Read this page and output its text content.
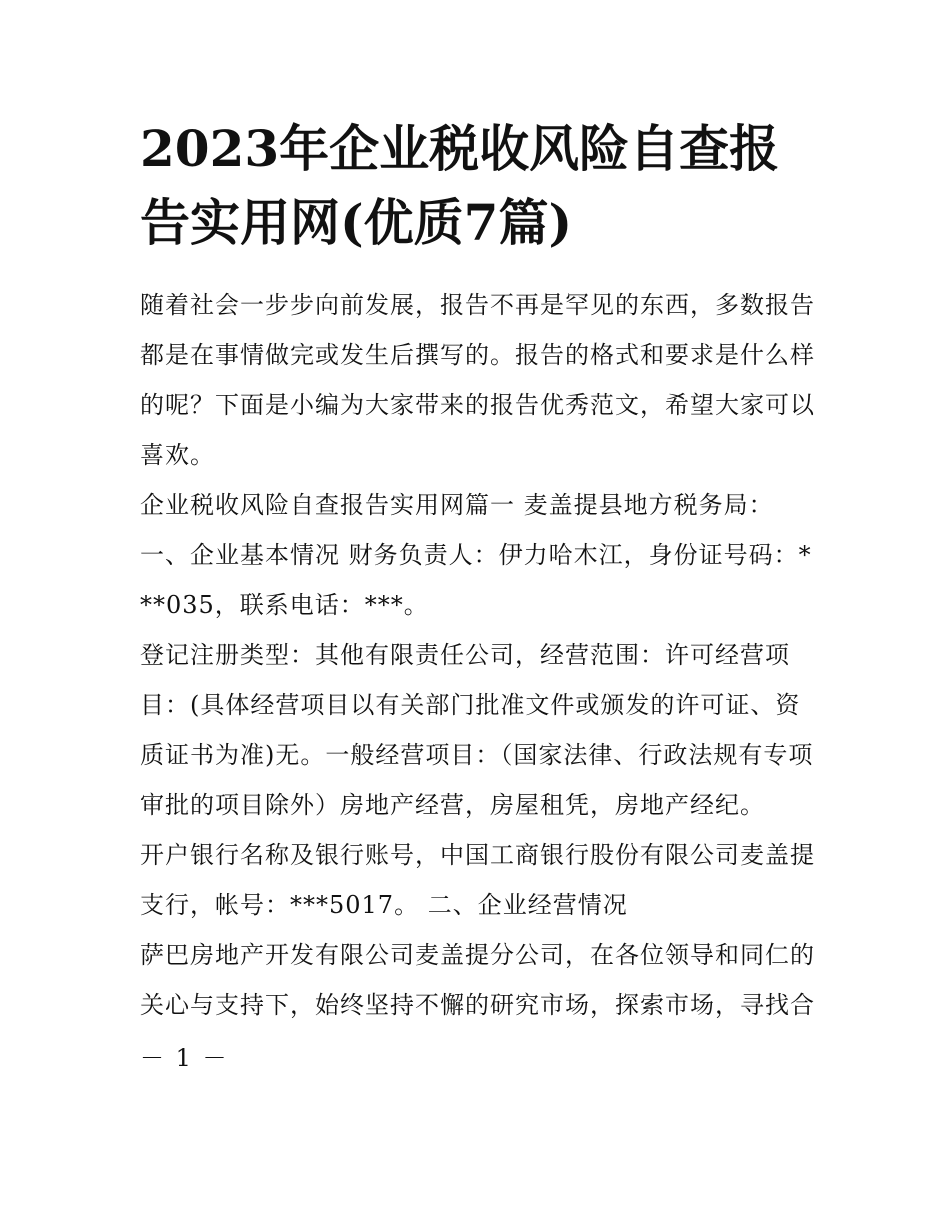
2023年企业税收风险自查报告实用网(优质7篇)

随着社会一步步向前发展，报告不再是罕见的东西，多数报告都是在事情做完或发生后撰写的。报告的格式和要求是什么样的呢？下面是小编为大家带来的报告优秀范文，希望大家可以喜欢。

企业税收风险自查报告实用网篇一 麦盖提县地方税务局：

一、企业基本情况 财务负责人：伊力哈木江，身份证号码：***035，联系电话：***。

登记注册类型：其他有限责任公司，经营范围：许可经营项目：(具体经营项目以有关部门批准文件或颁发的许可证、资质证书为准)无。一般经营项目：（国家法律、行政法规有专项审批的项目除外）房地产经营，房屋租凭，房地产经纪。

开户银行名称及银行账号，中国工商银行股份有限公司麦盖提支行，帐号：***5017。 二、企业经营情况

萨巴房地产开发有限公司麦盖提分公司，在各位领导和同仁的关心与支持下，始终坚持不懈的研究市场，探索市场，寻找合

－ 1 －
